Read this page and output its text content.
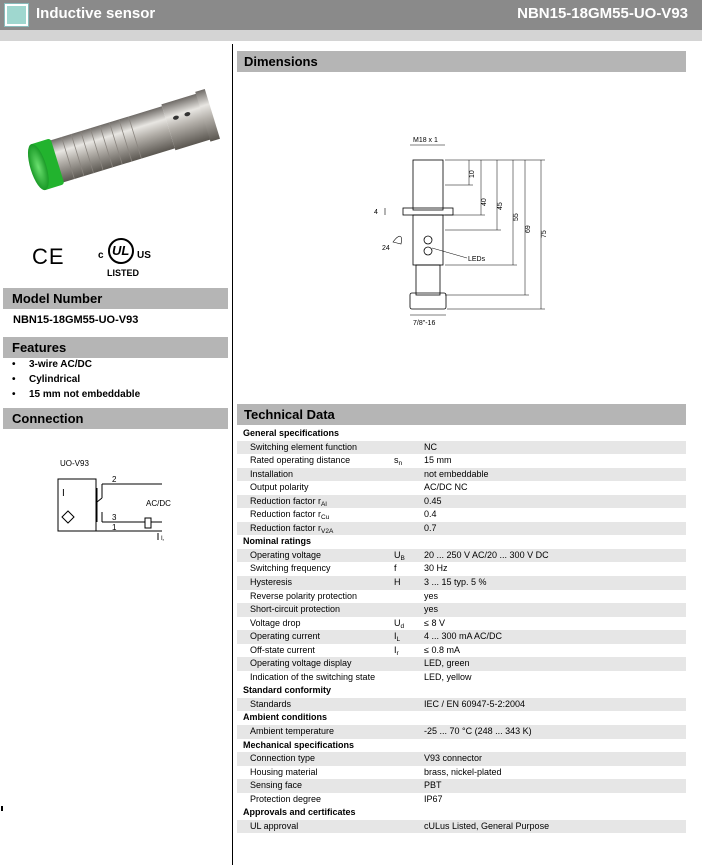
Inductive sensor	NBN15-18GM55-UO-V93
CE	c UL US
LISTED
Model Number
NBN15-18GM55-UO-V93
Features
• 3-wire AC/DC
• Cylindrical
• 15 mm not embeddable
Connection
UO-V93
I
2
3
1
AC/DC
Ir
Dimensions
M18 x 1
4
24
LEDs
7/8"-16
10
40
45
55
69
75
Technical Data
General specifications
Switching element function	NC
Rated operating distance	$s_n$ 15 mm
Installation	not embeddable
Output polarity	AC/DC NC
Reduction factor $r_{Al}$	0.45
Reduction factor $r_{Cu}$	0.4
Reduction factor $r_{V2A}$	0.7
Nominal ratings
Operating voltage	$U_B$ 20 ... 250 V AC/20 ... 300 V DC
Switching frequency	f	30 Hz
Hysteresis	H	3 ... 15 typ. 5 %
Reverse polarity protection	yes
Short-circuit protection	yes
Voltage drop	$U_d \le 8$ V
Operating current	$I_L$	4 ... 300 mA AC/DC
Off-state current	$I_r$	≤ 0.8 mA
Operating voltage display	LED, green
Indication of the switching state	LED, yellow
Standard conformity
Standards	IEC / EN 60947-5-2:2004
Ambient conditions
Ambient temperature	-25 ... 70 °C (248 ... 343 K)
Mechanical specifications
Connection type	V93 connector
Housing material	brass, nickel-plated
Sensing face	PBT
Protection degree	IP67
Approvals and certificates
UL approval	cULus Listed, General Purpose
